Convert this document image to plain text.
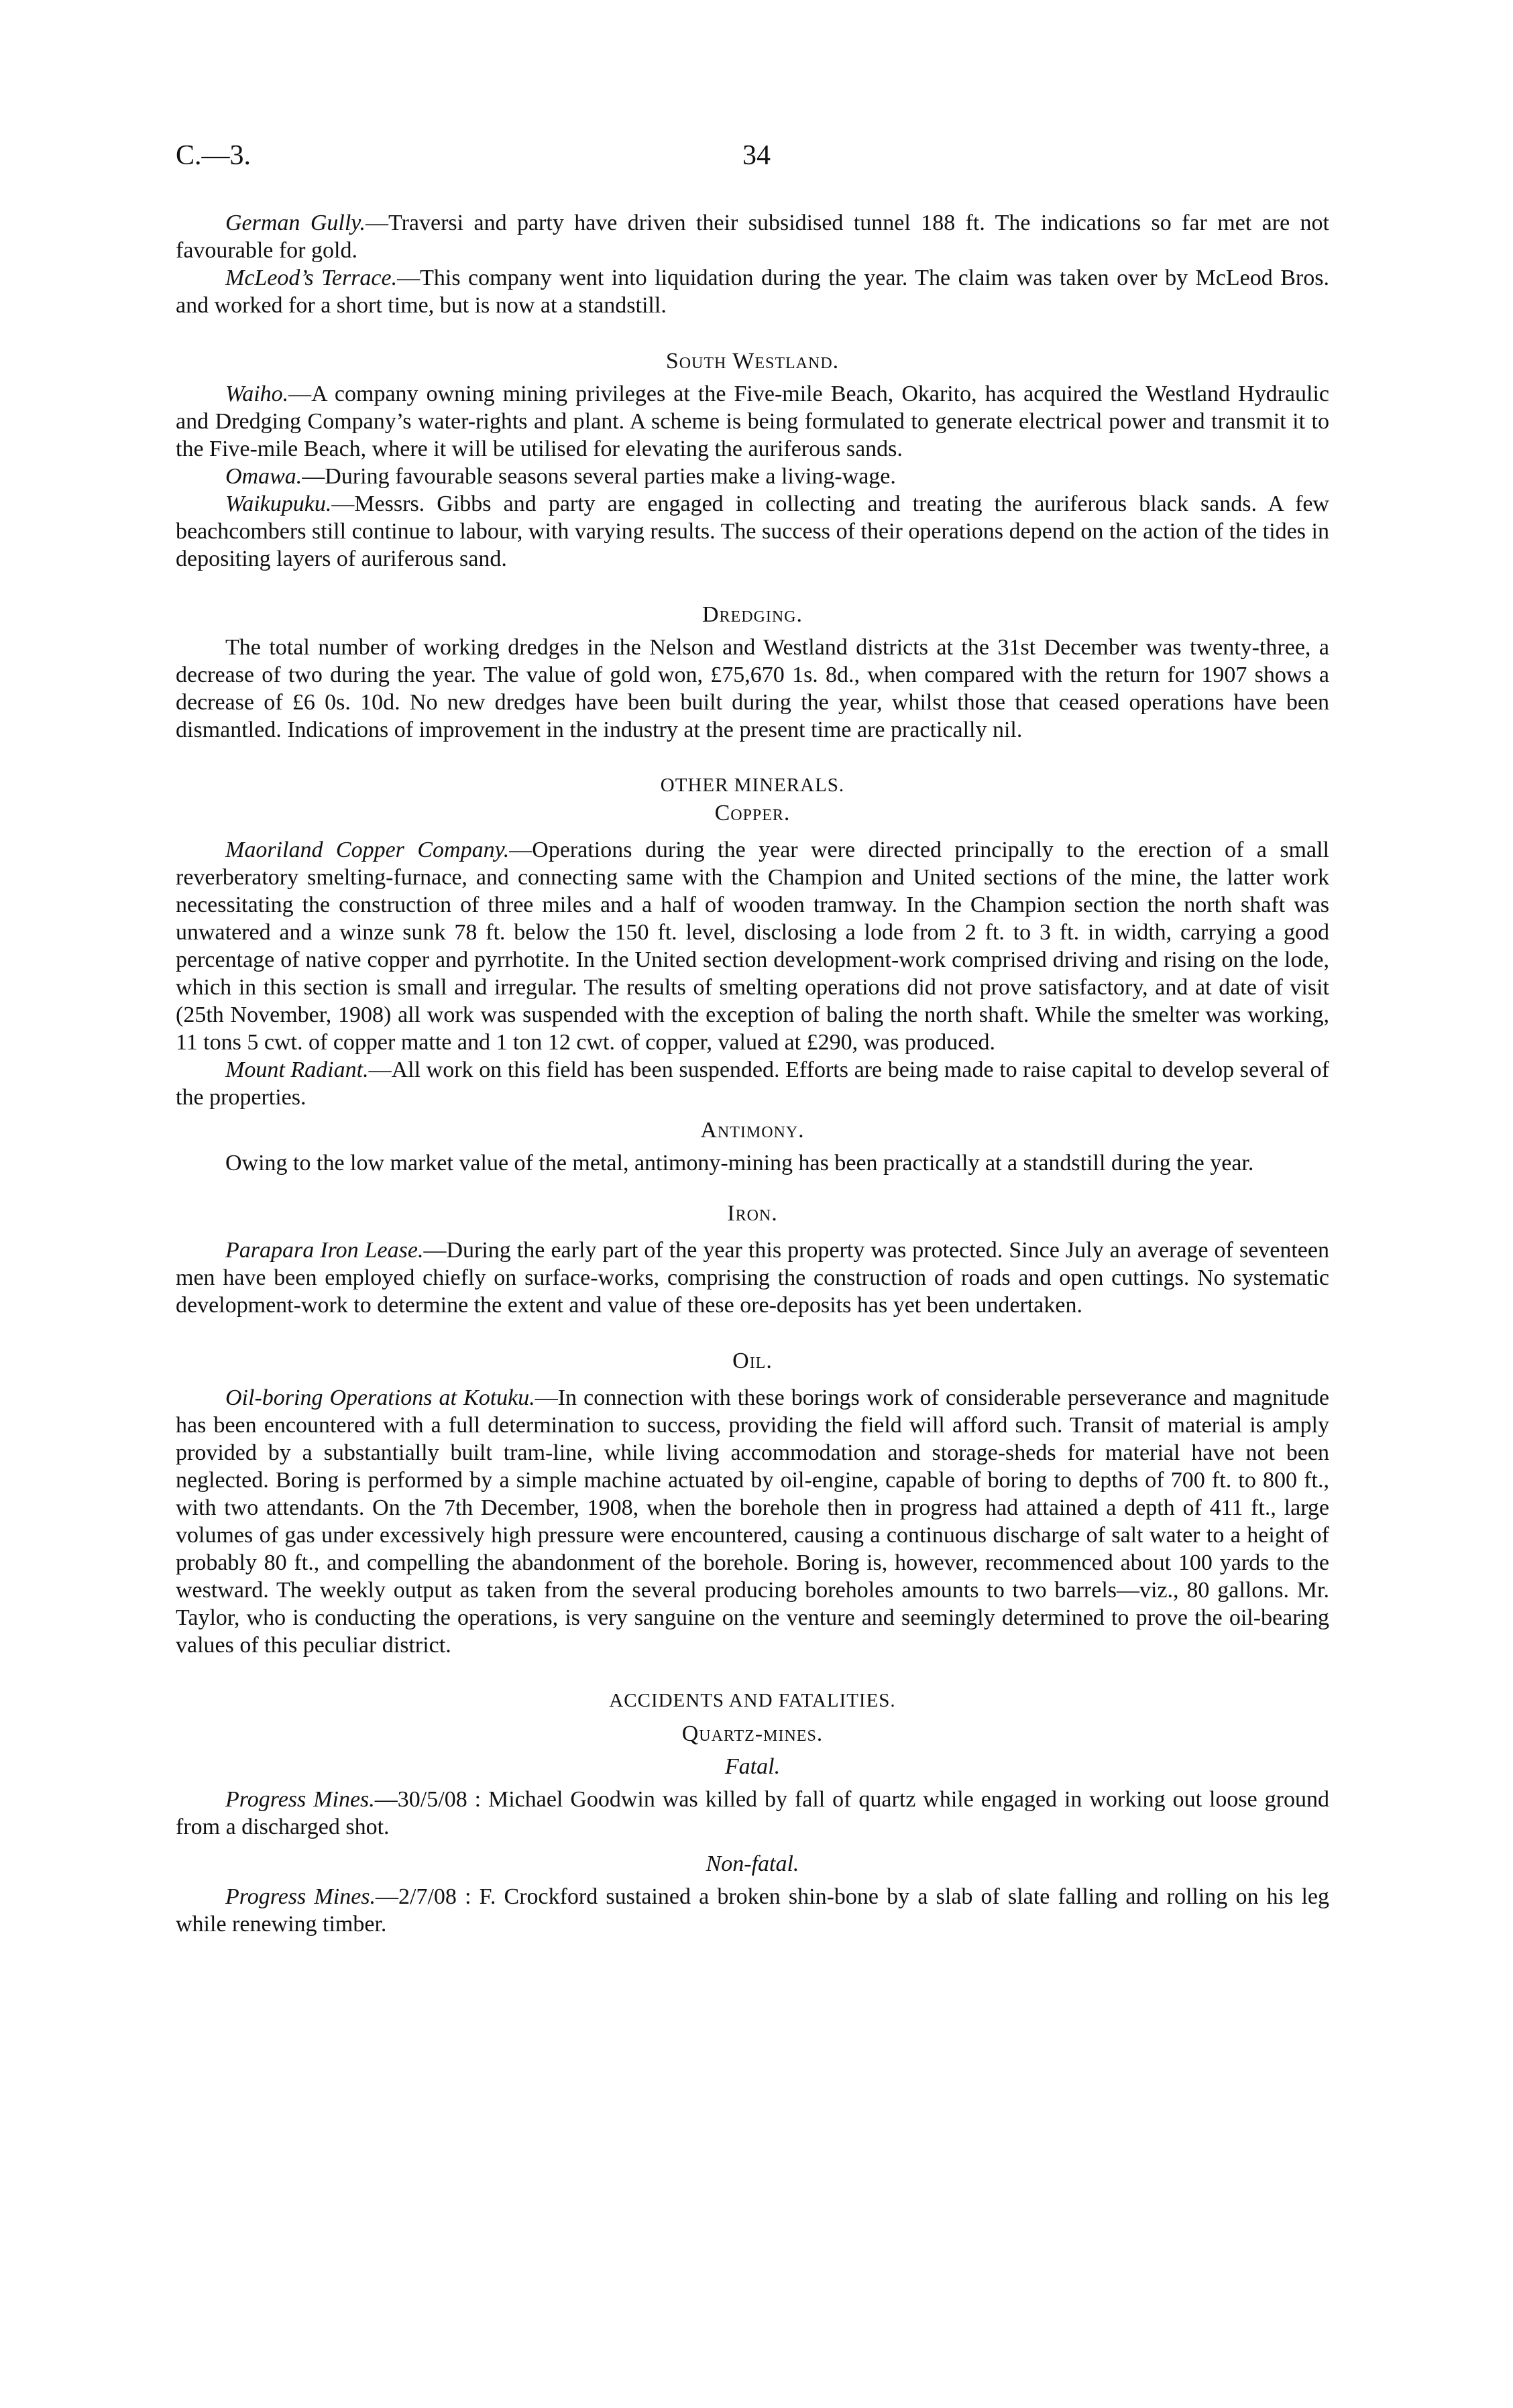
C.—3.	34

German Gully.—Traversi and party have driven their subsidised tunnel 188 ft. The indications so far met are not favourable for gold.

McLeod’s Terrace.—This company went into liquidation during the year. The claim was taken over by McLeod Bros. and worked for a short time, but is now at a standstill.

South Westland.

Waiho.—A company owning mining privileges at the Five-mile Beach, Okarito, has acquired the Westland Hydraulic and Dredging Company’s water-rights and plant. A scheme is being formulated to generate electrical power and transmit it to the Five-mile Beach, where it will be utilised for elevating the auriferous sands.

Omawa.—During favourable seasons several parties make a living-wage.

Waikupuku.—Messrs. Gibbs and party are engaged in collecting and treating the auriferous black sands. A few beachcombers still continue to labour, with varying results. The success of their operations depend on the action of the tides in depositing layers of auriferous sand.

Dredging.

The total number of working dredges in the Nelson and Westland districts at the 31st December was twenty-three, a decrease of two during the year. The value of gold won, £75,670 1s. 8d., when compared with the return for 1907 shows a decrease of £6 0s. 10d. No new dredges have been built during the year, whilst those that ceased operations have been dismantled. Indications of improvement in the industry at the present time are practically nil.

OTHER MINERALS.
Copper.

Maoriland Copper Company.—Operations during the year were directed principally to the erection of a small reverberatory smelting-furnace, and connecting same with the Champion and United sections of the mine, the latter work necessitating the construction of three miles and a half of wooden tramway. In the Champion section the north shaft was unwatered and a winze sunk 78 ft. below the 150 ft. level, disclosing a lode from 2 ft. to 3 ft. in width, carrying a good percentage of native copper and pyrrhotite. In the United section development-work comprised driving and rising on the lode, which in this section is small and irregular. The results of smelting operations did not prove satisfactory, and at date of visit (25th November, 1908) all work was suspended with the exception of baling the north shaft. While the smelter was working, 11 tons 5 cwt. of copper matte and 1 ton 12 cwt. of copper, valued at £290, was produced.

Mount Radiant.—All work on this field has been suspended. Efforts are being made to raise capital to develop several of the properties.

Antimony.

Owing to the low market value of the metal, antimony-mining has been practically at a standstill during the year.

Iron.

Parapara Iron Lease.—During the early part of the year this property was protected. Since July an average of seventeen men have been employed chiefly on surface-works, comprising the construction of roads and open cuttings. No systematic development-work to determine the extent and value of these ore-deposits has yet been undertaken.

Oil.

Oil-boring Operations at Kotuku.—In connection with these borings work of considerable perseverance and magnitude has been encountered with a full determination to success, providing the field will afford such. Transit of material is amply provided by a substantially built tram-line, while living accommodation and storage-sheds for material have not been neglected. Boring is performed by a simple machine actuated by oil-engine, capable of boring to depths of 700 ft. to 800 ft., with two attendants. On the 7th December, 1908, when the borehole then in progress had attained a depth of 411 ft., large volumes of gas under excessively high pressure were encountered, causing a continuous discharge of salt water to a height of probably 80 ft., and compelling the abandonment of the borehole. Boring is, however, recommenced about 100 yards to the westward. The weekly output as taken from the several producing boreholes amounts to two barrels—viz., 80 gallons. Mr. Taylor, who is conducting the operations, is very sanguine on the venture and seemingly determined to prove the oil-bearing values of this peculiar district.

ACCIDENTS AND FATALITIES.
Quartz-mines.
Fatal.

Progress Mines.—30/5/08 : Michael Goodwin was killed by fall of quartz while engaged in working out loose ground from a discharged shot.

Non-fatal.

Progress Mines.—2/7/08 : F. Crockford sustained a broken shin-bone by a slab of slate falling and rolling on his leg while renewing timber.
